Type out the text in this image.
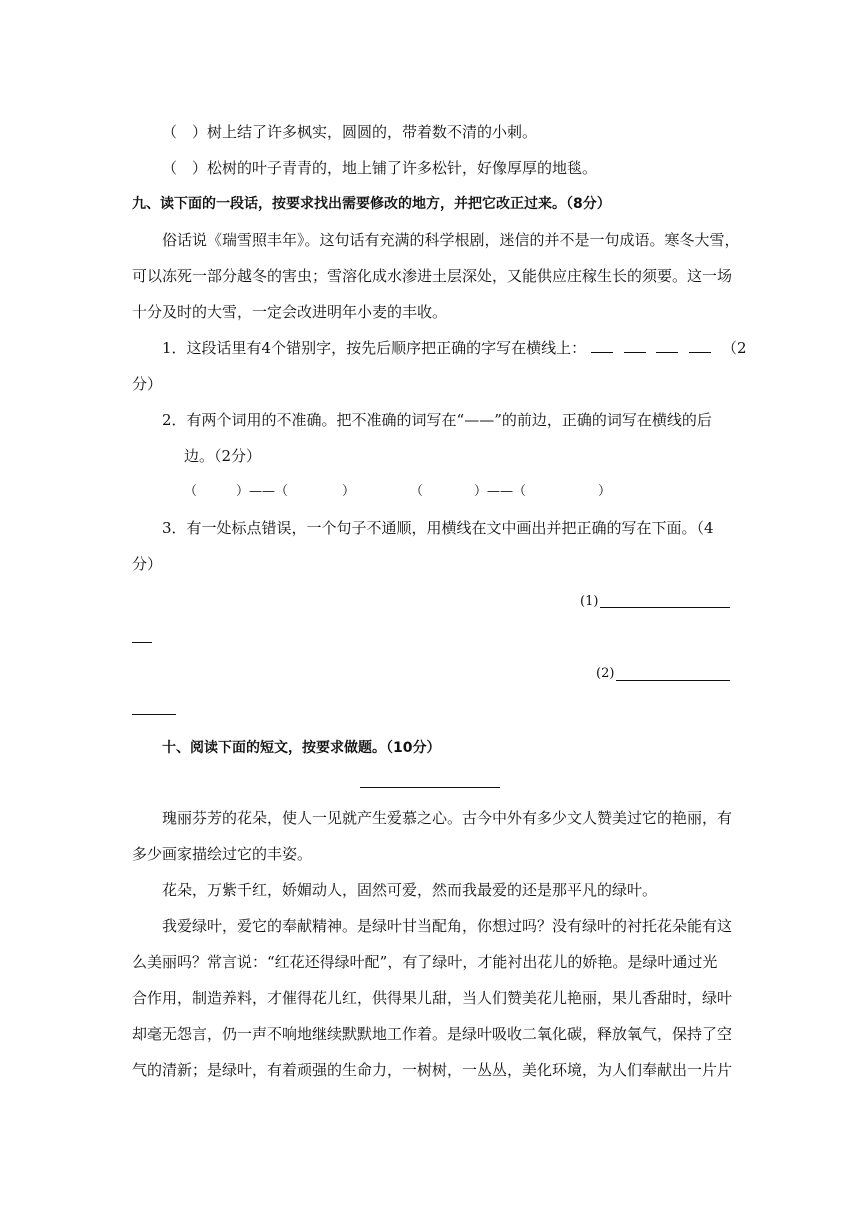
（　）树上结了许多枫实，圆圆的，带着数不清的小刺。
（　）松树的叶子青青的，地上铺了许多松针，好像厚厚的地毯。
九、读下面的一段话，按要求找出需要修改的地方，并把它改正过来。（8分）
俗话说《瑞雪照丰年》。这句话有充满的科学根剧，迷信的并不是一句成语。寒冬大雪，
可以冻死一部分越冬的害虫；雪溶化成水渗进土层深处，又能供应庄稼生长的须要。这一场
十分及时的大雪，一定会改进明年小麦的丰收。
1．这段话里有4个错别字，按先后顺序把正确的字写在横线上：	（2
分）
2．有两个词用的不准确。把不准确的词写在“——”的前边，正确的词写在横线的后
边。（2分）
（	）——（	）	（	）——（	）
3．有一处标点错误，一个句子不通顺，用横线在文中画出并把正确的写在下面。（4
分）
(1)
(2)
十、阅读下面的短文，按要求做题。（10分）
瑰丽芬芳的花朵，使人一见就产生爱慕之心。古今中外有多少文人赞美过它的艳丽，有
多少画家描绘过它的丰姿。
花朵，万紫千红，娇媚动人，固然可爱，然而我最爱的还是那平凡的绿叶。
我爱绿叶，爱它的奉献精神。是绿叶甘当配角，你想过吗？没有绿叶的衬托花朵能有这
么美丽吗？常言说：“红花还得绿叶配”，有了绿叶，才能衬出花儿的娇艳。是绿叶通过光
合作用，制造养料，才催得花儿红，供得果儿甜，当人们赞美花儿艳丽，果儿香甜时，绿叶
却毫无怨言，仍一声不响地继续默默地工作着。是绿叶吸收二氧化碳，释放氧气，保持了空
气的清新；是绿叶，有着顽强的生命力，一树树，一丛丛，美化环境，为人们奉献出一片片
